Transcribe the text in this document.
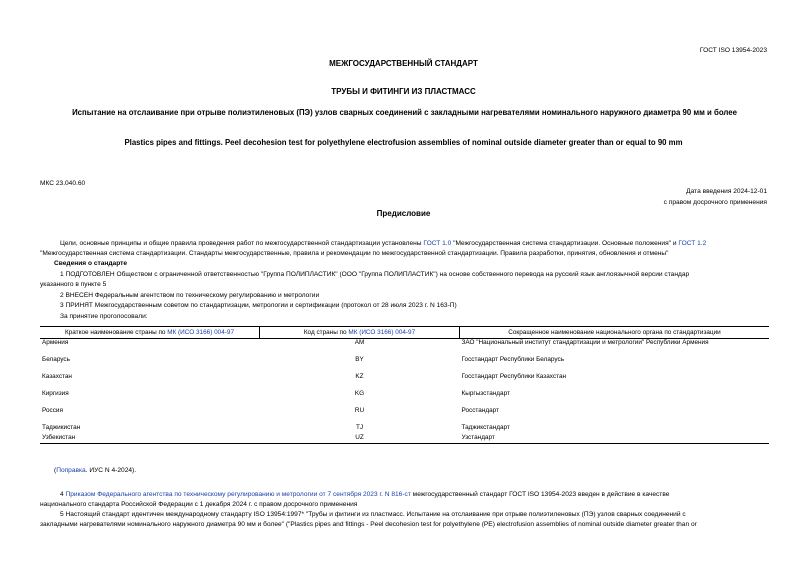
ГОСТ ISO 13954-2023
МЕЖГОСУДАРСТВЕННЫЙ СТАНДАРТ
ТРУБЫ И ФИТИНГИ ИЗ ПЛАСТМАСС
Испытание на отслаивание при отрыве полиэтиленовых (ПЭ) узлов сварных соединений с закладными нагревателями номинального наружного диаметра 90 мм и более
Plastics pipes and fittings. Peel decohesion test for polyethylene electrofusion assemblies of nominal outside diameter greater than or equal to 90 mm
МКС 23.040.60
Дата введения 2024-12-01
с правом досрочного применения
Предисловие
Цели, основные принципы и общие правила проведения работ по межгосударственной стандартизации установлены ГОСТ 1.0 "Межгосударственная система стандартизации. Основные положения" и ГОСТ 1.2
"Межгосударственная система стандартизации. Стандарты межгосударственные, правила и рекомендации по межгосударственной стандартизации. Правила разработки, принятия, обновления и отмены"
Сведения о стандарте
1 ПОДГОТОВЛЕН Обществом с ограниченной ответственностью "Группа ПОЛИПЛАСТИК" (ООО "Группа ПОЛИПЛАСТИК") на основе собственного перевода на русский язык англоязычной версии стандар
указанного в пункте 5
2 ВНЕСЕН Федеральным агентством по техническому регулированию и метрологии
3 ПРИНЯТ Межгосударственным советом по стандартизации, метрологии и сертификации (протокол от 28 июля 2023 г. N 163-П)
За принятие проголосовали:
Краткое наименование страны по МК (ИСО 3166) 004-97	Код страны по МК (ИСО 3166) 004-97	Сокращенное наименование национального органа по стандартизации
Армения	AM	ЗАО "Национальный институт стандартизации и метрологии" Республики Армения
Беларусь	BY	Госстандарт Республики Беларусь
Казахстан	KZ	Госстандарт Республики Казахстан
Киргизия	KG	Кыргызстандарт
Россия	RU	Росстандарт
Таджикистан	TJ	Таджикстандарт
Узбекистан	UZ	Узстандарт
(Поправка. ИУС N 4-2024).
4 Приказом Федерального агентства по техническому регулированию и метрологии от 7 сентября 2023 г. N 816-ст межгосударственный стандарт ГОСТ ISO 13954-2023 введен в действие в качестве
национального стандарта Российской Федерации с 1 декабря 2024 г. с правом досрочного применения
5 Настоящий стандарт идентичен международному стандарту ISO 13954:1997* "Трубы и фитинги из пластмасс. Испытание на отслаивание при отрыве полиэтиленовых (ПЭ) узлов сварных соединений с
закладными нагревателями номинального наружного диаметра 90 мм и более" ("Plastics pipes and fittings - Peel decohesion test for polyethylene (PE) electrofusion assemblies of nominal outside diameter greater than or
